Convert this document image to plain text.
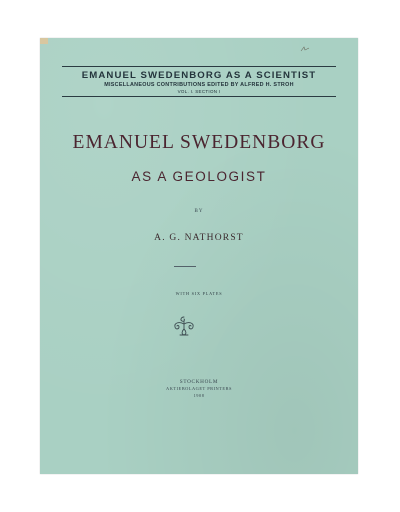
EMANUEL SWEDENBORG AS A SCIENTIST
MISCELLANEOUS CONTRIBUTIONS EDITED BY ALFRED H. STROH
VOL. I. SECTION I
EMANUEL SWEDENBORG
AS A GEOLOGIST
BY
A. G. NATHORST
WITH SIX PLATES
STOCKHOLM
AKTIEBOLAGET PRINTERS
1908
